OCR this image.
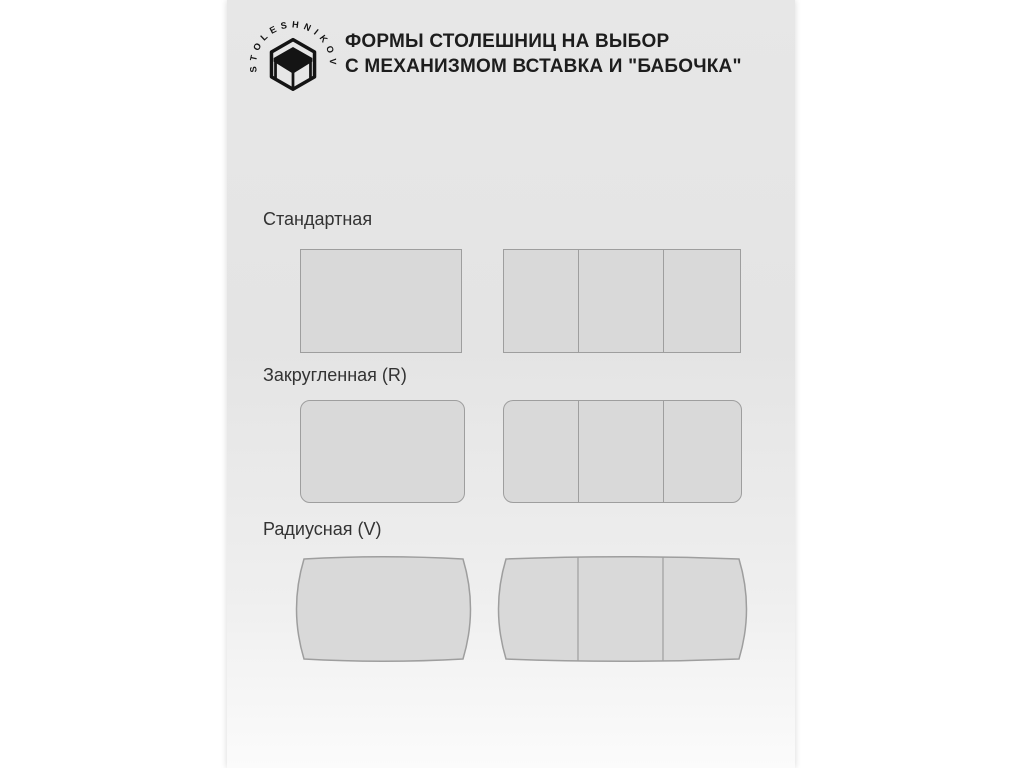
STOLESHNIKOV
ФОРМЫ СТОЛЕШНИЦ НА ВЫБОР
С МЕХАНИЗМОМ ВСТАВКА И "БАБОЧКА"
Стандартная
Закругленная (R)
Радиусная (V)
